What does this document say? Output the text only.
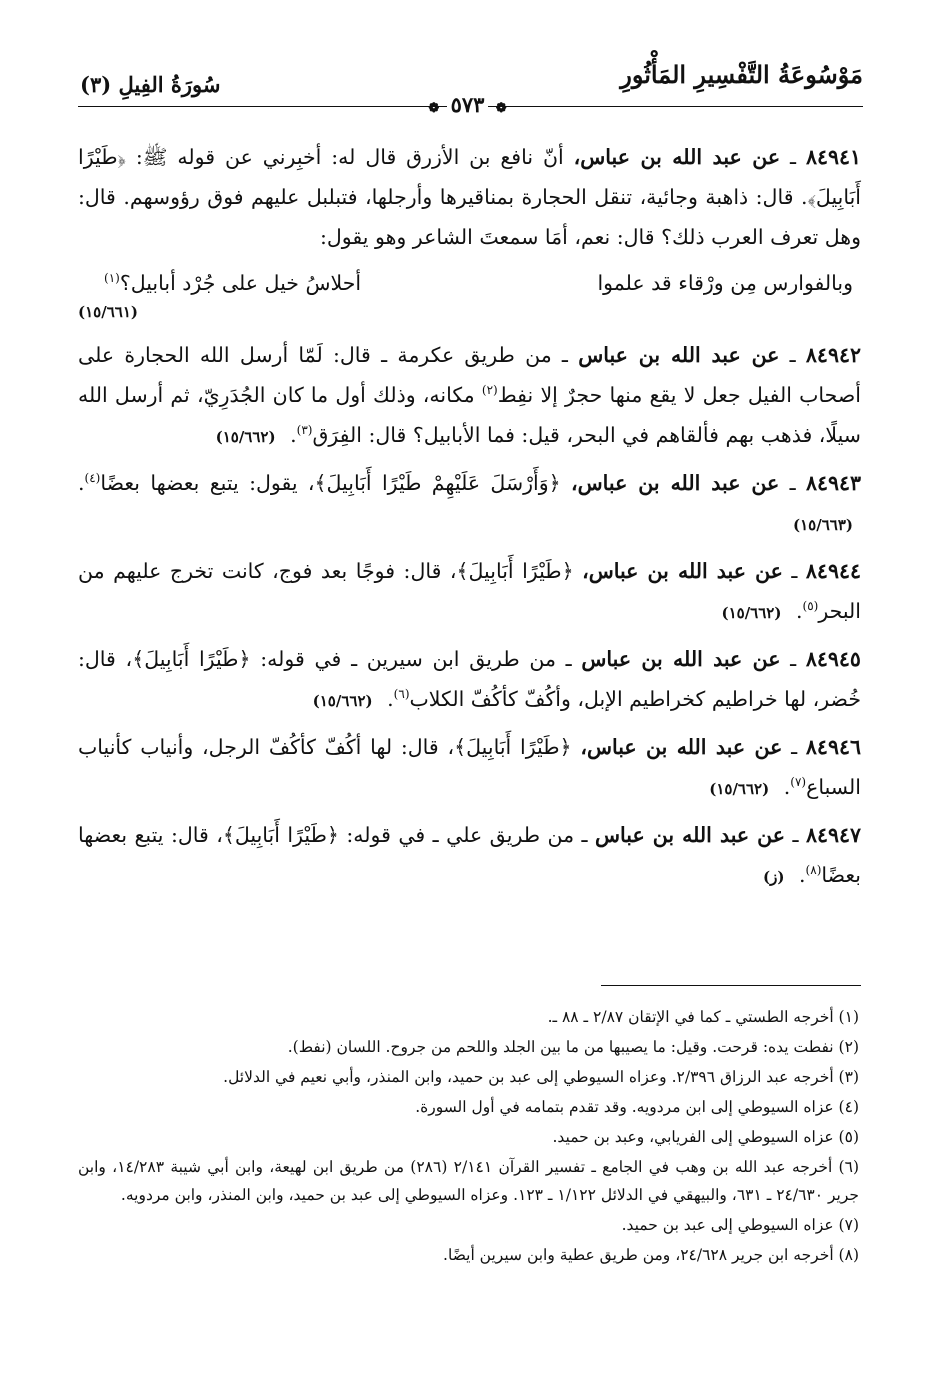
مَوْسُوعَةُ التَّفْسِيرِ المَأْثُورِ
سُورَةُ الفِيلِ (٣)
❁ ٥٧٣ ❁
٨٤٩٤١ ـ عن عبد الله بن عباس، أنّ نافع بن الأزرق قال له: أخبِرني عن قوله ﷺ: ﴿طَيْرًا أَبَابِيلَ﴾. قال: ذاهبة وجائية، تنقل الحجارة بمناقيرها وأرجلها، فتبلبل عليهم فوق رؤوسهم. قال: وهل تعرف العرب ذلك؟ قال: نعم، أمَا سمعتَ الشاعر وهو يقول:
وبالفوارس مِن ورْقاء قد علموا
أحلاسُ خيل على جُرْد أبابيل؟$^{(١)}$
(١٥/٦٦١)
٨٤٩٤٢ ـ عن عبد الله بن عباس ـ من طريق عكرمة ـ قال: لَمّا أرسل الله الحجارة على أصحاب الفيل جعل لا يقع منها حجرٌ إلا نفِط$^{(٢)}$ مكانه، وذلك أول ما كان الجُدَرِيّ، ثم أرسل الله سيلًا، فذهب بهم فألقاهم في البحر، قيل: فما الأبابيل؟ قال: الفِرَق$^{(٣)}$. (١٥/٦٦٢)
٨٤٩٤٣ ـ عن عبد الله بن عباس، ﴿وَأَرْسَلَ عَلَيْهِمْ طَيْرًا أَبَابِيلَ﴾، يقول: يتبع بعضها بعضًا$^{(٤)}$. (١٥/٦٦٣)
٨٤٩٤٤ ـ عن عبد الله بن عباس، ﴿طَيْرًا أَبَابِيلَ﴾، قال: فوجًا بعد فوج، كانت تخرج عليهم من البحر$^{(٥)}$. (١٥/٦٦٢)
٨٤٩٤٥ ـ عن عبد الله بن عباس ـ من طريق ابن سيرين ـ في قوله: ﴿طَيْرًا أَبَابِيلَ﴾، قال: خُضر، لها خراطيم كخراطيم الإبل، وأكُفّ كأكُفّ الكلاب$^{(٦)}$. (١٥/٦٦٢)
٨٤٩٤٦ ـ عن عبد الله بن عباس، ﴿طَيْرًا أَبَابِيلَ﴾، قال: لها أكُفّ كأكُفّ الرجل، وأنياب كأنياب السباع$^{(٧)}$. (١٥/٦٦٢)
٨٤٩٤٧ ـ عن عبد الله بن عباس ـ من طريق علي ـ في قوله: ﴿طَيْرًا أَبَابِيلَ﴾، قال: يتبع بعضها بعضًا$^{(٨)}$. (ز)
(١) أخرجه الطستي ـ كما في الإتقان ٢/٨٧ ـ ٨٨ ـ.
(٢) نفطت يده: قرحت. وقيل: ما يصيبها من ما بين الجلد واللحم من جروح. اللسان (نفط).
(٣) أخرجه عبد الرزاق ٢/٣٩٦. وعزاه السيوطي إلى عبد بن حميد، وابن المنذر، وأبي نعيم في الدلائل.
(٤) عزاه السيوطي إلى ابن مردويه. وقد تقدم بتمامه في أول السورة.
(٥) عزاه السيوطي إلى الفريابي، وعبد بن حميد.
(٦) أخرجه عبد الله بن وهب في الجامع ـ تفسير القرآن ٢/١٤١ (٢٨٦) من طريق ابن لهيعة، وابن أبي شيبة ١٤/٢٨٣، وابن جرير ٢٤/٦٣٠ ـ ٦٣١، والبيهقي في الدلائل ١/١٢٢ ـ ١٢٣. وعزاه السيوطي إلى عبد بن حميد، وابن المنذر، وابن مردويه.
(٧) عزاه السيوطي إلى عبد بن حميد.
(٨) أخرجه ابن جرير ٢٤/٦٢٨، ومن طريق عطية وابن سيرين أيضًا.
